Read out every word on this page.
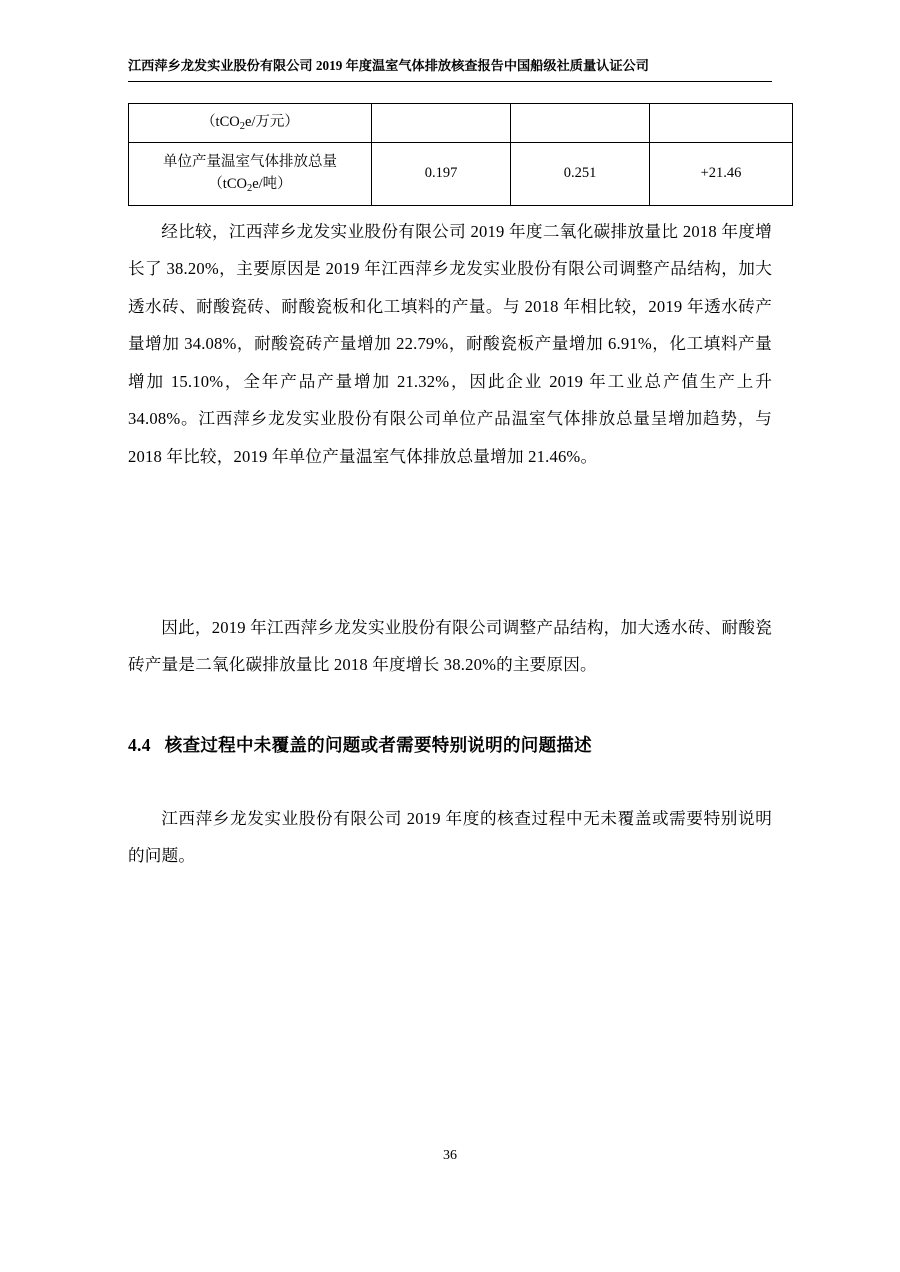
江西萍乡龙发实业股份有限公司 2019 年度温室气体排放核查报告中国船级社质量认证公司
（tCO$_2$e/万元）			

单位产量温室气体排放总量
（tCO$_2$e/吨）	0.197	0.251	+21.46

经比较，江西萍乡龙发实业股份有限公司 2019 年度二氧化碳排放量比 2018 年度增长了 38.20%，主要原因是 2019 年江西萍乡龙发实业股份有限公司调整产品结构，加大透水砖、耐酸瓷砖、耐酸瓷板和化工填料的产量。与 2018 年相比较，2019 年透水砖产量增加 34.08%，耐酸瓷砖产量增加 22.79%，耐酸瓷板产量增加 6.91%，化工填料产量增加 15.10%，全年产品产量增加 21.32%，因此企业 2019 年工业总产值生产上升 34.08%。江西萍乡龙发实业股份有限公司单位产品温室气体排放总量呈增加趋势，与 2018 年比较，2019 年单位产量温室气体排放总量增加 21.46%。

因此，2019 年江西萍乡龙发实业股份有限公司调整产品结构，加大透水砖、耐酸瓷砖产量是二氧化碳排放量比 2018 年度增长 38.20%的主要原因。

4.4 核查过程中未覆盖的问题或者需要特别说明的问题描述

江西萍乡龙发实业股份有限公司 2019 年度的核查过程中无未覆盖或需要特别说明的问题。

36
